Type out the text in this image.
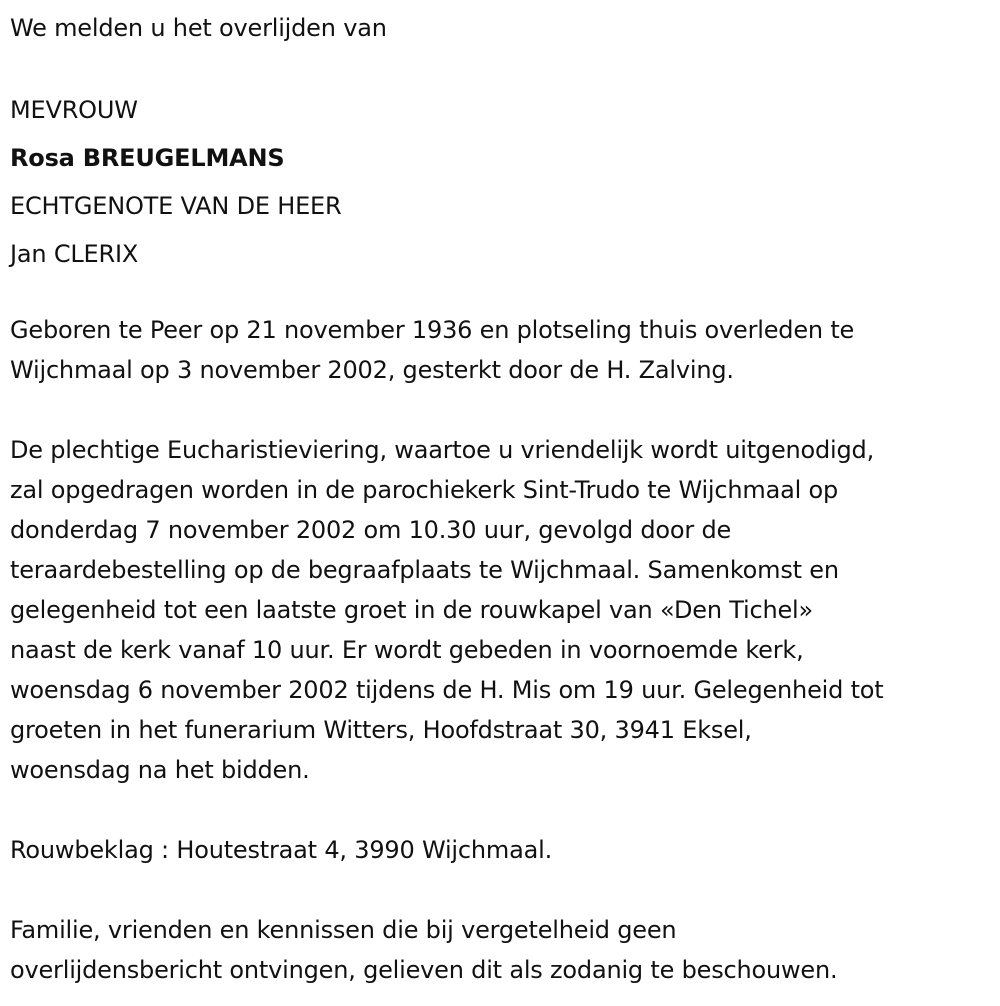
We melden u het overlijden van

MEVROUW

Rosa BREUGELMANS

ECHTGENOTE VAN DE HEER

Jan CLERIX

Geboren te Peer op 21 november 1936 en plotseling thuis overleden te

Wijchmaal op 3 november 2002, gesterkt door de H. Zalving.

De plechtige Eucharistieviering, waartoe u vriendelijk wordt uitgenodigd,

zal opgedragen worden in de parochiekerk Sint-Trudo te Wijchmaal op

donderdag 7 november 2002 om 10.30 uur, gevolgd door de

teraardebestelling op de begraafplaats te Wijchmaal. Samenkomst en

gelegenheid tot een laatste groet in de rouwkapel van «Den Tichel»

naast de kerk vanaf 10 uur. Er wordt gebeden in voornoemde kerk,

woensdag 6 november 2002 tijdens de H. Mis om 19 uur. Gelegenheid tot

groeten in het funerarium Witters, Hoofdstraat 30, 3941 Eksel,

woensdag na het bidden.

Rouwbeklag : Houtestraat 4, 3990 Wijchmaal.

Familie, vrienden en kennissen die bij vergetelheid geen

overlijdensbericht ontvingen, gelieven dit als zodanig te beschouwen.
